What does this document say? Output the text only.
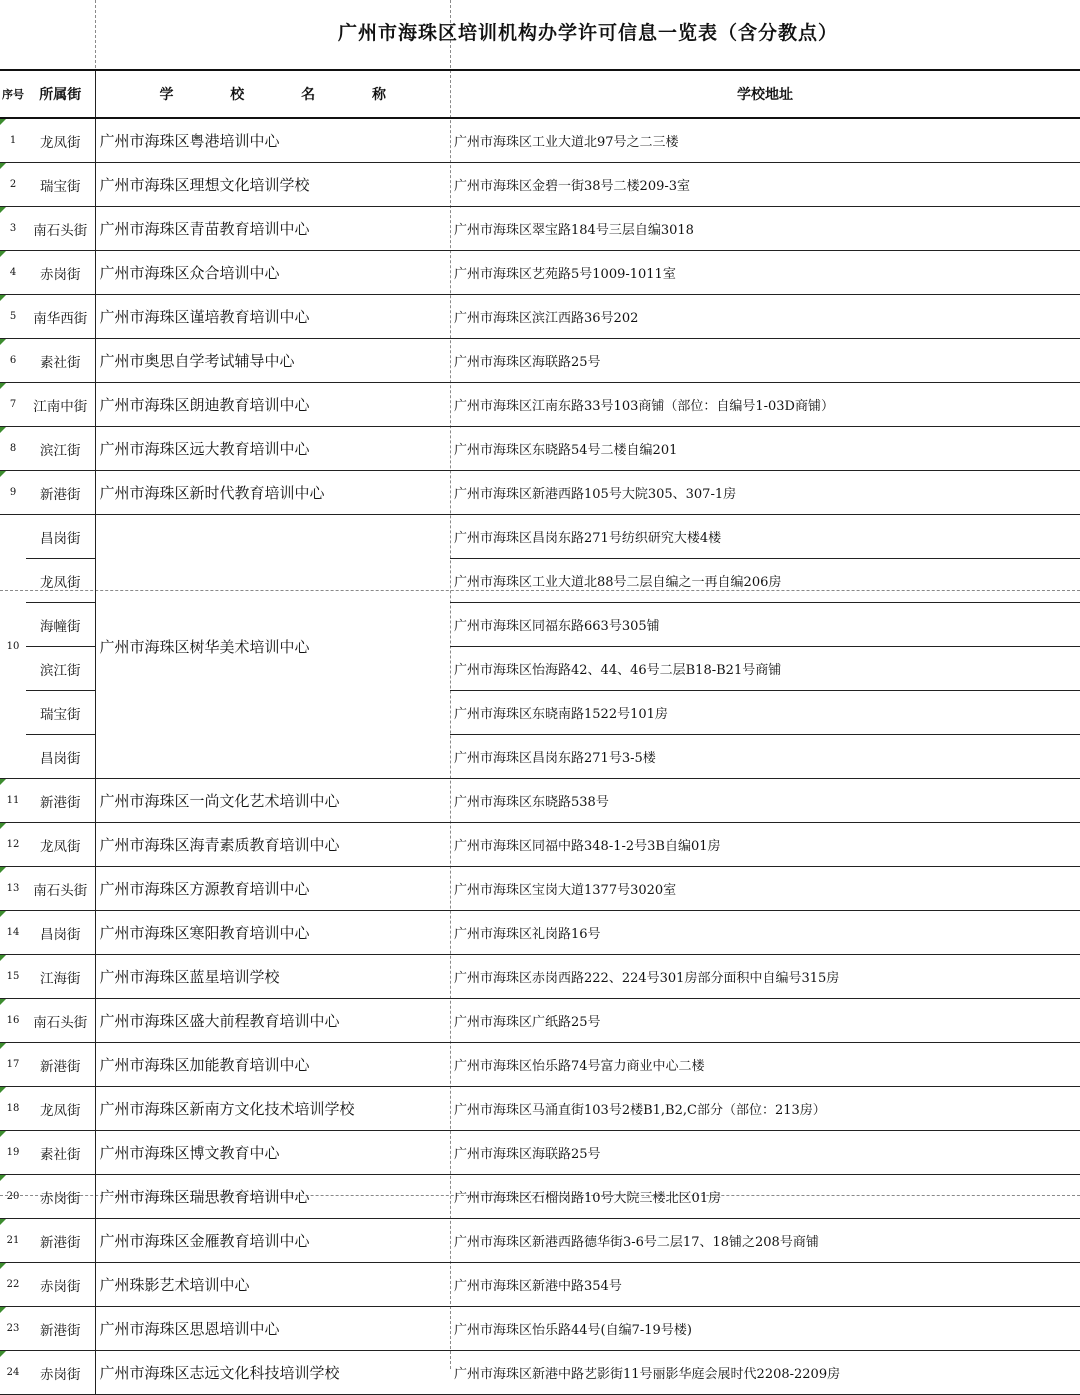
广州市海珠区培训机构办学许可信息一览表（含分教点）
序号	所属街	学 校 名 称	学校地址
1	龙凤街	广州市海珠区粤港培训中心	广州市海珠区工业大道北97号之二三楼
2	瑞宝街	广州市海珠区理想文化培训学校	广州市海珠区金碧一街38号二楼209-3室
3	南石头街	广州市海珠区青苗教育培训中心	广州市海珠区翠宝路184号三层自编3018
4	赤岗街	广州市海珠区众合培训中心	广州市海珠区艺苑路5号1009-1011室
5	南华西街	广州市海珠区谨培教育培训中心	广州市海珠区滨江西路36号202
6	素社街	广州市奥思自学考试辅导中心	广州市海珠区海联路25号
7	江南中街	广州市海珠区朗迪教育培训中心	广州市海珠区江南东路33号103商铺（部位：自编号1-03D商铺）
8	滨江街	广州市海珠区远大教育培训中心	广州市海珠区东晓路54号二楼自编201
9	新港街	广州市海珠区新时代教育培训中心	广州市海珠区新港西路105号大院305、307-1房
10	昌岗街	广州市海珠区树华美术培训中心	广州市海珠区昌岗东路271号纺织研究大楼4楼
	龙凤街		广州市海珠区工业大道北88号二层自编之一再自编206房
	海幢街		广州市海珠区同福东路663号305铺
	滨江街		广州市海珠区怡海路42、44、46号二层B18-B21号商铺
	瑞宝街		广州市海珠区东晓南路1522号101房
	昌岗街		广州市海珠区昌岗东路271号3-5楼
11	新港街	广州市海珠区一尚文化艺术培训中心	广州市海珠区东晓路538号
12	龙凤街	广州市海珠区海青素质教育培训中心	广州市海珠区同福中路348-1-2号3B自编01房
13	南石头街	广州市海珠区方源教育培训中心	广州市海珠区宝岗大道1377号3020室
14	昌岗街	广州市海珠区寒阳教育培训中心	广州市海珠区礼岗路16号
15	江海街	广州市海珠区蓝星培训学校	广州市海珠区赤岗西路222、224号301房部分面积中自编号315房
16	南石头街	广州市海珠区盛大前程教育培训中心	广州市海珠区广纸路25号
17	新港街	广州市海珠区加能教育培训中心	广州市海珠区怡乐路74号富力商业中心二楼
18	龙凤街	广州市海珠区新南方文化技术培训学校	广州市海珠区马涌直街103号2楼B1,B2,C部分（部位：213房）
19	素社街	广州市海珠区博文教育中心	广州市海珠区海联路25号
20	赤岗街	广州市海珠区瑞思教育培训中心	广州市海珠区石榴岗路10号大院三楼北区01房
21	新港街	广州市海珠区金雁教育培训中心	广州市海珠区新港西路德华街3-6号二层17、18铺之208号商铺
22	赤岗街	广州珠影艺术培训中心	广州市海珠区新港中路354号
23	新港街	广州市海珠区思恩培训中心	广州市海珠区怡乐路44号(自编7-19号楼)
24	赤岗街	广州市海珠区志远文化科技培训学校	广州市海珠区新港中路艺影街11号丽影华庭会展时代2208-2209房
